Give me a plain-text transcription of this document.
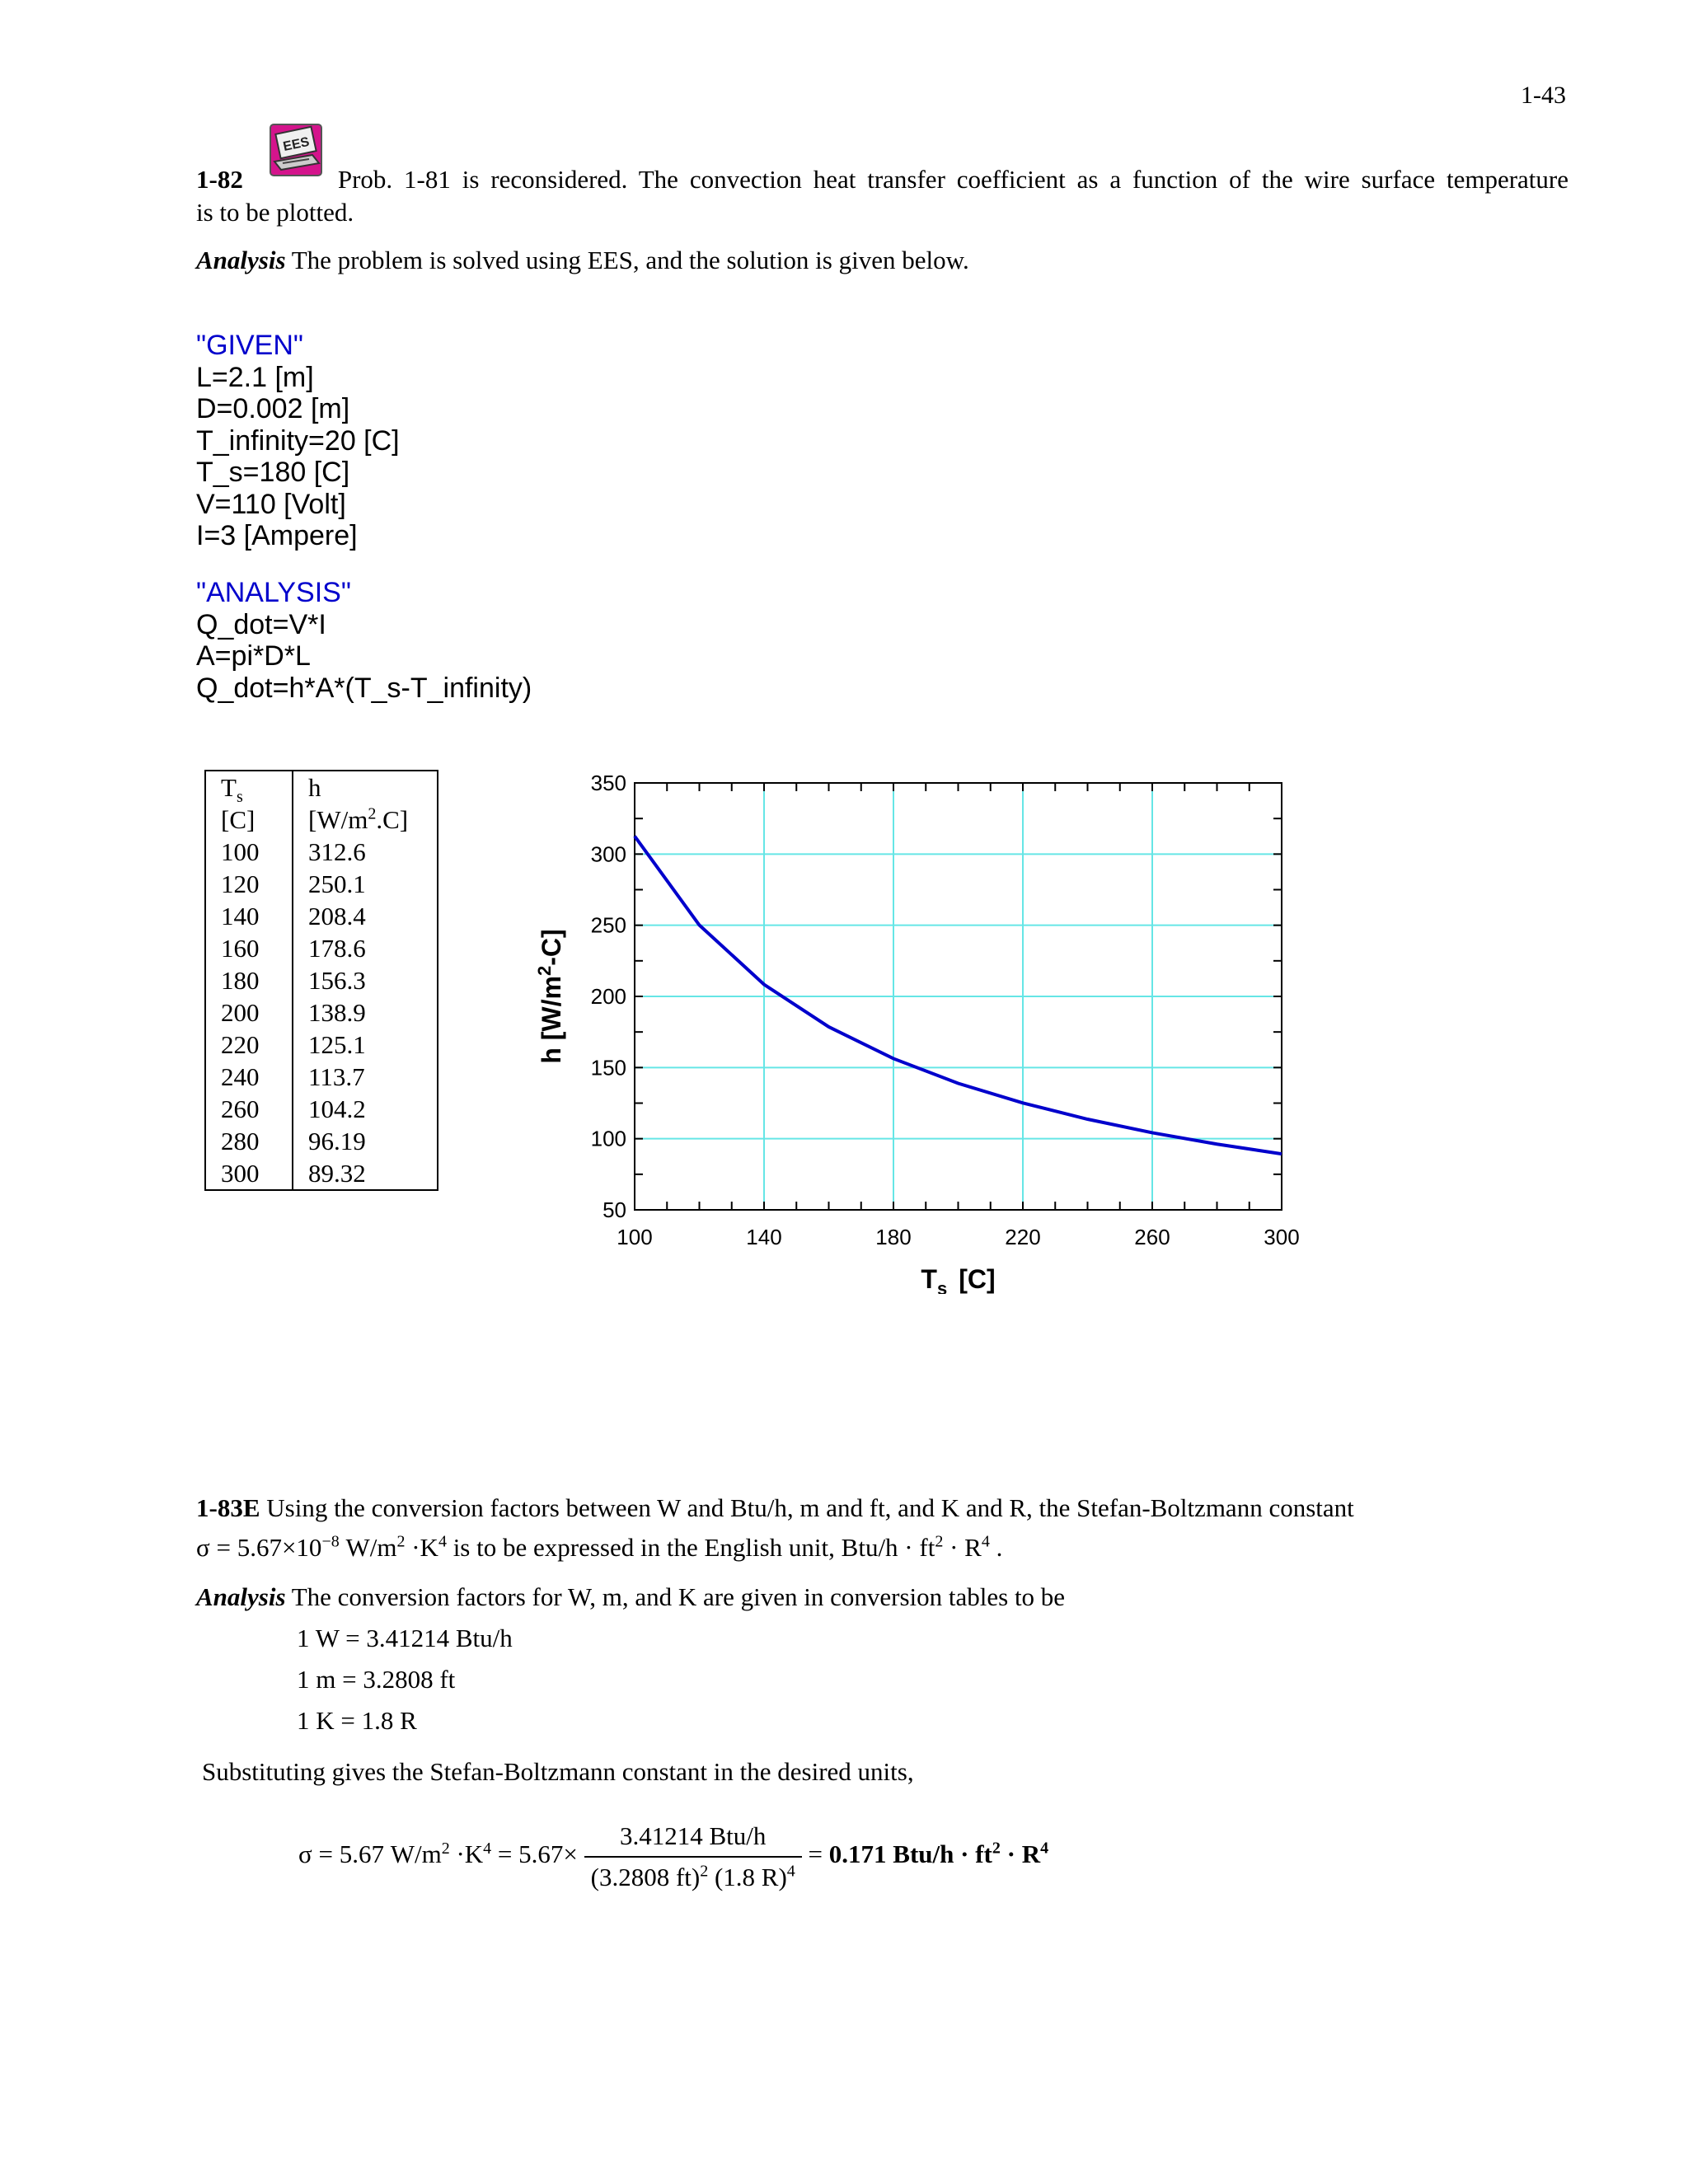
1-43
EES
1-82	Prob. 1-81 is reconsidered. The convection heat transfer coefficient as a function of the wire surface temperature
is to be plotted.
Analysis The problem is solved using EES, and the solution is given below.
"GIVEN"
L=2.1 [m]
D=0.002 [m]
T_infinity=20 [C]
T_s=180 [C]
V=110 [Volt]
I=3 [Ampere]
"ANALYSIS"
Q_dot=V*I
A=pi*D*L
Q_dot=h*A*(T_s-T_infinity)
$T_s$
[C]	h
$[W/m^2.C]$
100	312.6
120	250.1
140	208.4
160	178.6
180	156.3
200	138.9
220	125.1
240	113.7
260	104.2
280	96.19
300	89.32
100	140	180	220	260	300
50
100
150
200
250
300
350
$T_s$ [C]
h $[W/m^2-C]$
1-83E Using the conversion factors between W and Btu/h, m and ft, and K and R, the Stefan-Boltzmann constant
$\sigma = 5.67\times 10^{-8}$ $W/m^2 \cdot K^4$ is to be expressed in the English unit, $Btu/h \cdot ft^2 \cdot R^4$ .
Analysis The conversion factors for W, m, and K are given in conversion tables to be
1 W = 3.41214 Btu/h
1 m = 3.2808 ft
1 K = 1.8 R
Substituting gives the Stefan-Boltzmann constant in the desired units,
σ = 5.67 $W/m^2 \cdot K^4 = 5.67\times \frac{\text{3.41214 Btu/h}}{(3.2808 ft)^2 (1.8 R)^4} = 0.171$ $Btu/h \cdot ft^2 \cdot R^4$
